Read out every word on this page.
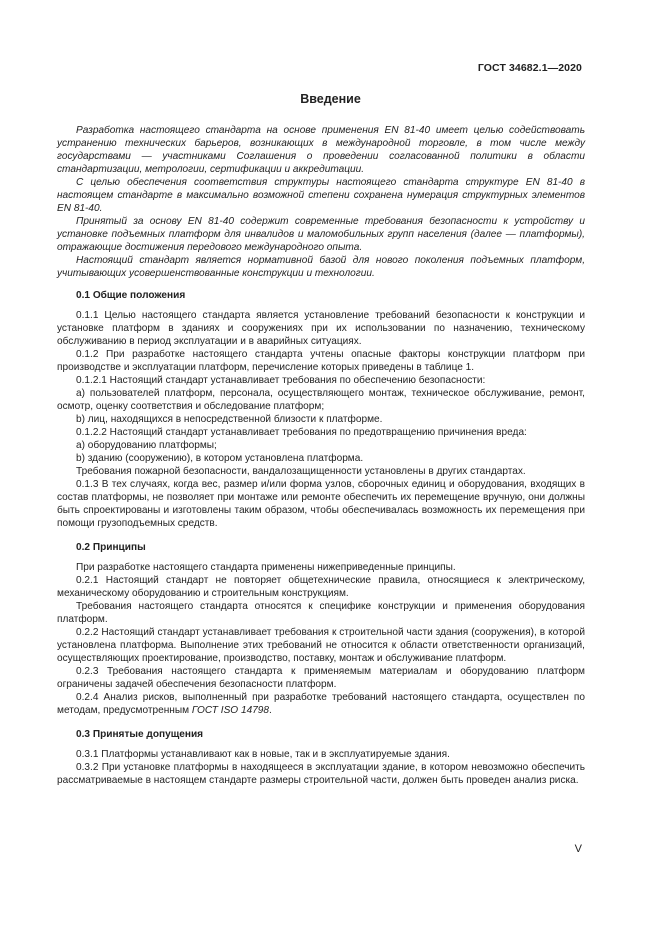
ГОСТ 34682.1—2020
Введение

Разработка настоящего стандарта на основе применения EN 81-40 имеет целью содействовать устранению технических барьеров, возникающих в международной торговле, в том числе между государствами — участниками Соглашения о проведении согласованной политики в области стандартизации, метрологии, сертификации и аккредитации.

С целью обеспечения соответствия структуры настоящего стандарта структуре EN 81-40 в настоящем стандарте в максимально возможной степени сохранена нумерация структурных элементов EN 81-40.

Принятый за основу EN 81-40 содержит современные требования безопасности к устройству и установке подъемных платформ для инвалидов и маломобильных групп населения (далее — платформы), отражающие достижения передового международного опыта.

Настоящий стандарт является нормативной базой для нового поколения подъемных платформ, учитывающих усовершенствованные конструкции и технологии.

0.1 Общие положения

0.1.1 Целью настоящего стандарта является установление требований безопасности к конструкции и установке платформ в зданиях и сооружениях при их использовании по назначению, техническому обслуживанию в период эксплуатации и в аварийных ситуациях.

0.1.2 При разработке настоящего стандарта учтены опасные факторы конструкции платформ при производстве и эксплуатации платформ, перечисление которых приведены в таблице 1.

0.1.2.1 Настоящий стандарт устанавливает требования по обеспечению безопасности:

a) пользователей платформ, персонала, осуществляющего монтаж, техническое обслуживание, ремонт, осмотр, оценку соответствия и обследование платформ;

b) лиц, находящихся в непосредственной близости к платформе.

0.1.2.2 Настоящий стандарт устанавливает требования по предотвращению причинения вреда:

a) оборудованию платформы;

b) зданию (сооружению), в котором установлена платформа.

Требования пожарной безопасности, вандалозащищенности установлены в других стандартах.

0.1.3 В тех случаях, когда вес, размер и/или форма узлов, сборочных единиц и оборудования, входящих в состав платформы, не позволяет при монтаже или ремонте обеспечить их перемещение вручную, они должны быть спроектированы и изготовлены таким образом, чтобы обеспечивалась возможность их перемещения при помощи грузоподъемных средств.

0.2 Принципы

При разработке настоящего стандарта применены нижеприведенные принципы.

0.2.1 Настоящий стандарт не повторяет общетехнические правила, относящиеся к электрическому, механическому оборудованию и строительным конструкциям.

Требования настоящего стандарта относятся к специфике конструкции и применения оборудования платформ.

0.2.2 Настоящий стандарт устанавливает требования к строительной части здания (сооружения), в которой установлена платформа. Выполнение этих требований не относится к области ответственности организаций, осуществляющих проектирование, производство, поставку, монтаж и обслуживание платформ.

0.2.3 Требования настоящего стандарта к применяемым материалам и оборудованию платформ ограничены задачей обеспечения безопасности платформ.

0.2.4 Анализ рисков, выполненный при разработке требований настоящего стандарта, осуществлен по методам, предусмотренным ГОСТ ISO 14798.

0.3 Принятые допущения

0.3.1 Платформы устанавливают как в новые, так и в эксплуатируемые здания.

0.3.2 При установке платформы в находящееся в эксплуатации здание, в котором невозможно обеспечить рассматриваемые в настоящем стандарте размеры строительной части, должен быть проведен анализ риска.

V
